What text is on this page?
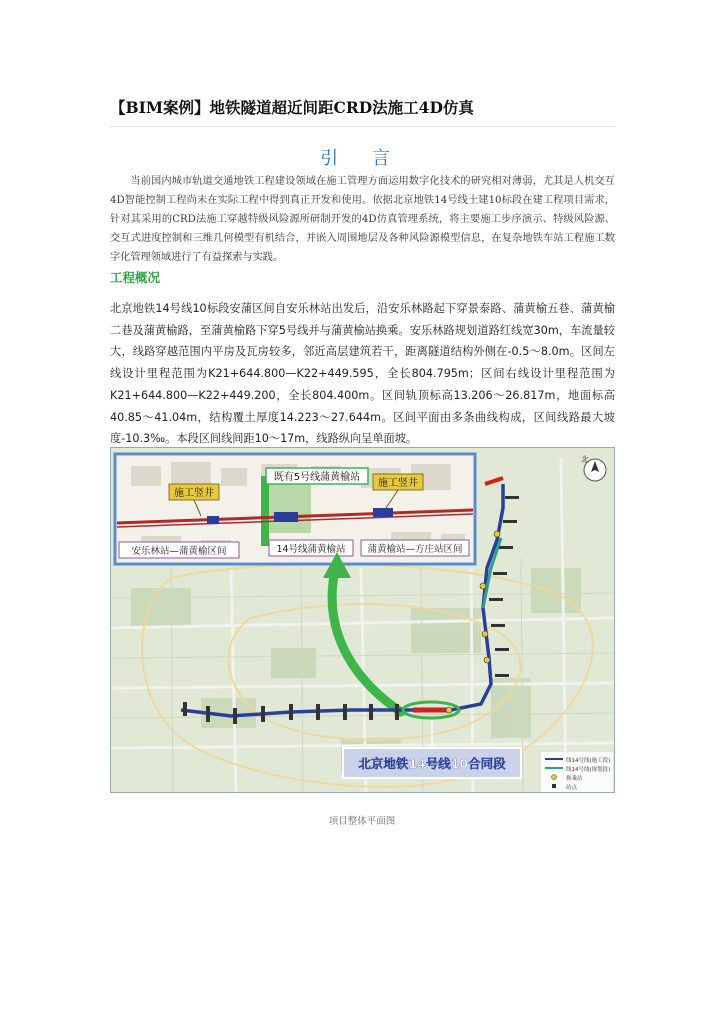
【BIM案例】地铁隧道超近间距CRD法施工4D仿真
引 言

当前国内城市轨道交通地铁工程建设领域在施工管理方面运用数字化技术的研究相对薄弱，尤其是人机交互4D智能控制工程尚未在实际工程中得到真正开发和使用。依据北京地铁14号线土建10标段在建工程项目需求，针对其采用的CRD法施工穿越特级风险源所研制开发的4D仿真管理系统，将主要施工步序演示、特级风险源、交互式进度控制和三维几何模型有机结合，并嵌入周围地层及各种风险源模型信息，在复杂地铁车站工程施工数字化管理领域进行了有益探索与实践。

工程概况

北京地铁14号线10标段安蒲区间自安乐林站出发后，沿安乐林路起下穿景泰路、蒲黄榆五巷、蒲黄榆二巷及蒲黄榆路，至蒲黄榆路下穿5号线并与蒲黄榆站换乘。安乐林路规划道路红线宽30m，车流量较大，线路穿越范围内平房及瓦房较多，邻近高层建筑若干，距离隧道结构外侧在-0.5～8.0m。区间左线设计里程范围为K21+644.800—K22+449.595，全长804.795m；区间右线设计里程范围为K21+644.800—K22+449.200，全长804.400m。区间轨顶标高13.206～26.817m，地面标高40.85～41.04m，结构覆土厚度14.223～27.644m。区间平面由多条曲线构成，区间线路最大坡度-10.3‰。本段区间线间距10～17m，线路纵向呈单面坡。

施工竖井
既有5号线蒲黄榆站
施工竖井
安乐林站—蒲黄榆区间	14号线蒲黄榆站 蒲黄榆站—方庄站区间
北
北京地铁14号线10合同段	线14号线(施工段)
线14号线(规划段)
换乘站
站点
项目整体平面图
